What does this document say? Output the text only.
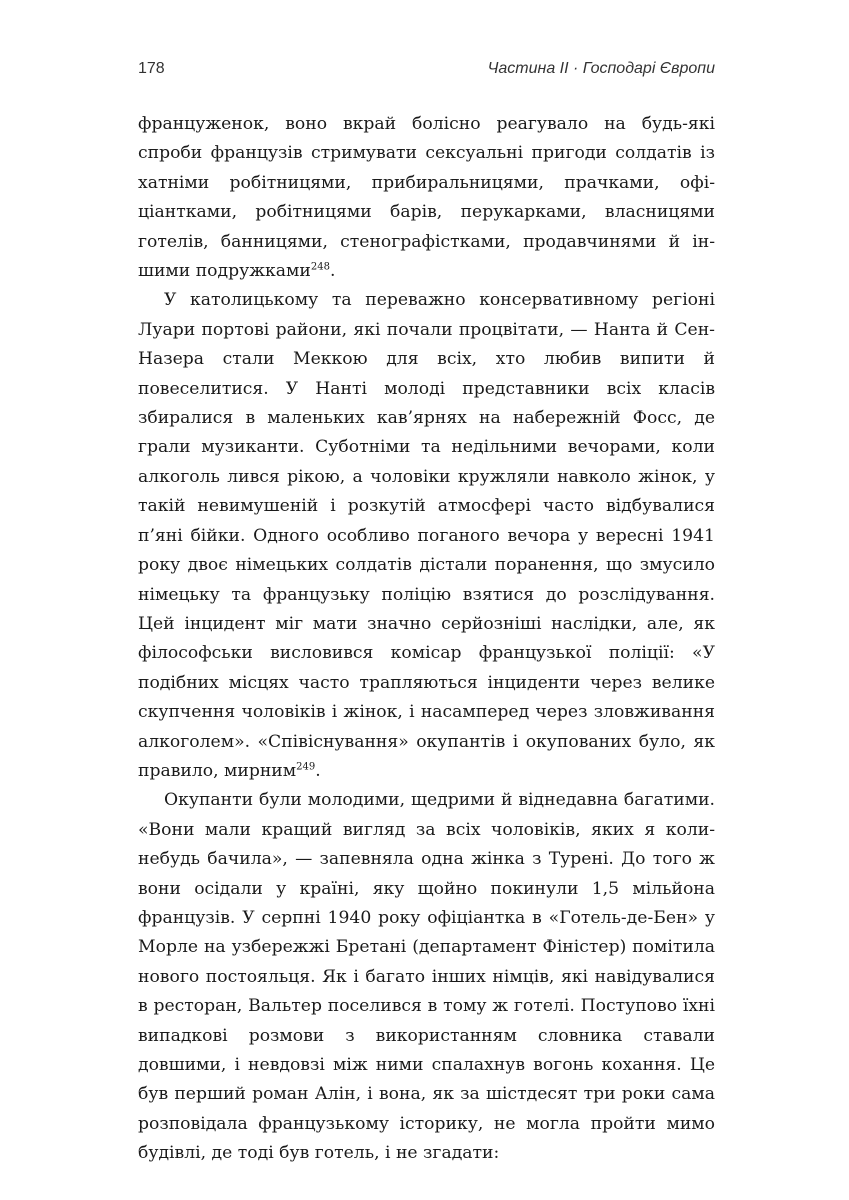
178	Частина II · Господарі Європи

француженок, воно вкрай болісно реагувало на будь-які спроби французів стримувати сексуальні пригоди солдатів із хатніми робітницями, прибиральницями, прачками, офіціантками, робітницями барів, перукарками, власницями готелів, банницями, стенографістками, продавчинями й іншими подружками$^{248}$.

У католицькому та переважно консервативному регіоні Луари портові райони, які почали процвітати, — Нанта й Сен-Назера стали Меккою для всіх, хто любив випити й повеселитися. У Нанті молоді представники всіх класів збиралися в маленьких кав’ярнях на набережній Фосс, де грали музиканти. Суботніми та недільними вечорами, коли алкоголь лився рікою, а чоловіки кружляли навколо жінок, у такій невимушеній і розкутій атмосфері часто відбувалися п’яні бійки. Одного особливо поганого вечора у вересні 1941 року двоє німецьких солдатів дістали поранення, що змусило німецьку та французьку поліцію взятися до розслідування. Цей інцидент міг мати значно серйозніші наслідки, але, як філософськи висловився комісар французької поліції: «У подібних місцях часто трапляються інциденти через велике скупчення чоловіків і жінок, і насамперед через зловживання алкоголем». «Співіснування» окупантів і окупованих було, як правило, мирним$^{249}$.

Окупанти були молодими, щедрими й віднедавна багатими. «Вони мали кращий вигляд за всіх чоловіків, яких я коли-небудь бачила», — запевняла одна жінка з Турені. До того ж вони осідали у країні, яку щойно покинули 1,5 мільйона французів. У серпні 1940 року офіціантка в «Готель-де-Бен» у Морле на узбережжі Бретані (департамент Фіністер) помітила нового постояльця. Як і багато інших німців, які навідувалися в ресторан, Вальтер поселився в тому ж готелі. Поступово їхні випадкові розмови з використанням словника ставали довшими, і невдовзі між ними спалахнув вогонь кохання. Це був перший роман Алін, і вона, як за шістдесят три роки сама розповідала французькому історику, не могла пройти мимо будівлі, де тоді був готель, і не згадати:
